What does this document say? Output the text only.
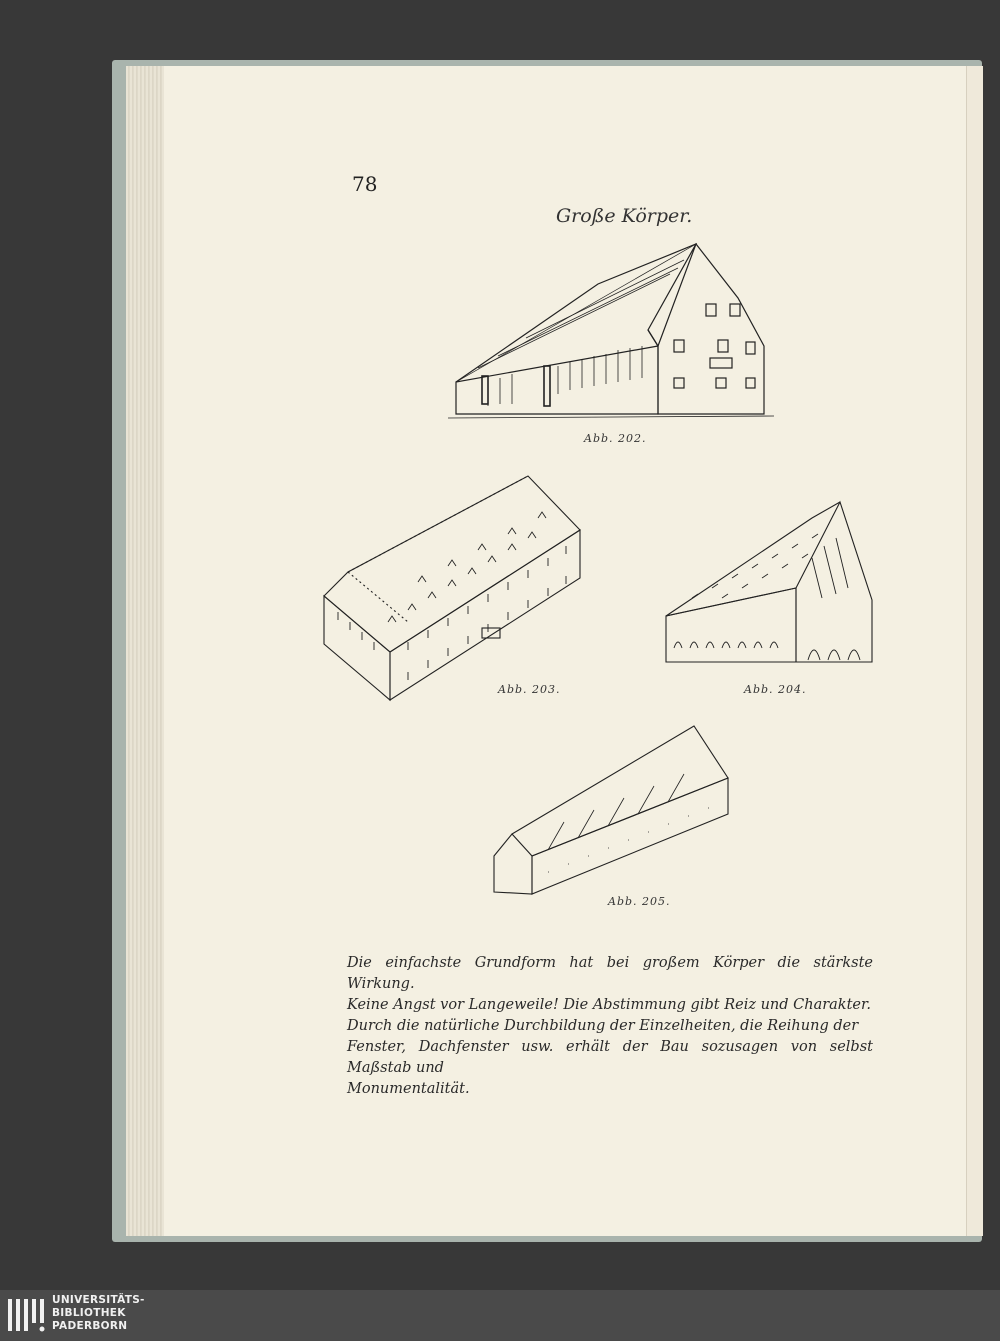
78
Große Körper.
Abb. 202.
Abb. 203.	Abb. 204.
Abb. 205.

Die einfachste Grundform hat bei großem Körper die stärkste Wirkung.

Keine Angst vor Langeweile! Die Abstimmung gibt Reiz und Charakter.

Durch die natürliche Durchbildung der Einzelheiten, die Reihung der

Fenster, Dachfenster usw. erhält der Bau sozusagen von selbst Maßstab und

Monumentalität.

UNIVERSITÄTS-
BIBLIOTHEK
PADERBORN
